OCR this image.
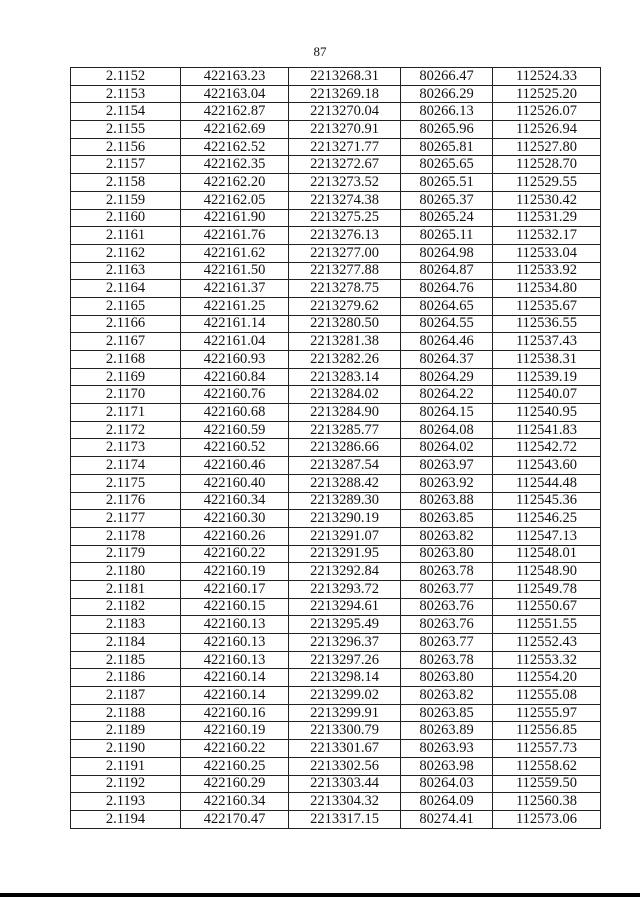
87
2.1152	422163.23	2213268.31	80266.47	112524.33
2.1153	422163.04	2213269.18	80266.29	112525.20
2.1154	422162.87	2213270.04	80266.13	112526.07
2.1155	422162.69	2213270.91	80265.96	112526.94
2.1156	422162.52	2213271.77	80265.81	112527.80
2.1157	422162.35	2213272.67	80265.65	112528.70
2.1158	422162.20	2213273.52	80265.51	112529.55
2.1159	422162.05	2213274.38	80265.37	112530.42
2.1160	422161.90	2213275.25	80265.24	112531.29
2.1161	422161.76	2213276.13	80265.11	112532.17
2.1162	422161.62	2213277.00	80264.98	112533.04
2.1163	422161.50	2213277.88	80264.87	112533.92
2.1164	422161.37	2213278.75	80264.76	112534.80
2.1165	422161.25	2213279.62	80264.65	112535.67
2.1166	422161.14	2213280.50	80264.55	112536.55
2.1167	422161.04	2213281.38	80264.46	112537.43
2.1168	422160.93	2213282.26	80264.37	112538.31
2.1169	422160.84	2213283.14	80264.29	112539.19
2.1170	422160.76	2213284.02	80264.22	112540.07
2.1171	422160.68	2213284.90	80264.15	112540.95
2.1172	422160.59	2213285.77	80264.08	112541.83
2.1173	422160.52	2213286.66	80264.02	112542.72
2.1174	422160.46	2213287.54	80263.97	112543.60
2.1175	422160.40	2213288.42	80263.92	112544.48
2.1176	422160.34	2213289.30	80263.88	112545.36
2.1177	422160.30	2213290.19	80263.85	112546.25
2.1178	422160.26	2213291.07	80263.82	112547.13
2.1179	422160.22	2213291.95	80263.80	112548.01
2.1180	422160.19	2213292.84	80263.78	112548.90
2.1181	422160.17	2213293.72	80263.77	112549.78
2.1182	422160.15	2213294.61	80263.76	112550.67
2.1183	422160.13	2213295.49	80263.76	112551.55
2.1184	422160.13	2213296.37	80263.77	112552.43
2.1185	422160.13	2213297.26	80263.78	112553.32
2.1186	422160.14	2213298.14	80263.80	112554.20
2.1187	422160.14	2213299.02	80263.82	112555.08
2.1188	422160.16	2213299.91	80263.85	112555.97
2.1189	422160.19	2213300.79	80263.89	112556.85
2.1190	422160.22	2213301.67	80263.93	112557.73
2.1191	422160.25	2213302.56	80263.98	112558.62
2.1192	422160.29	2213303.44	80264.03	112559.50
2.1193	422160.34	2213304.32	80264.09	112560.38
2.1194	422170.47	2213317.15	80274.41	112573.06
